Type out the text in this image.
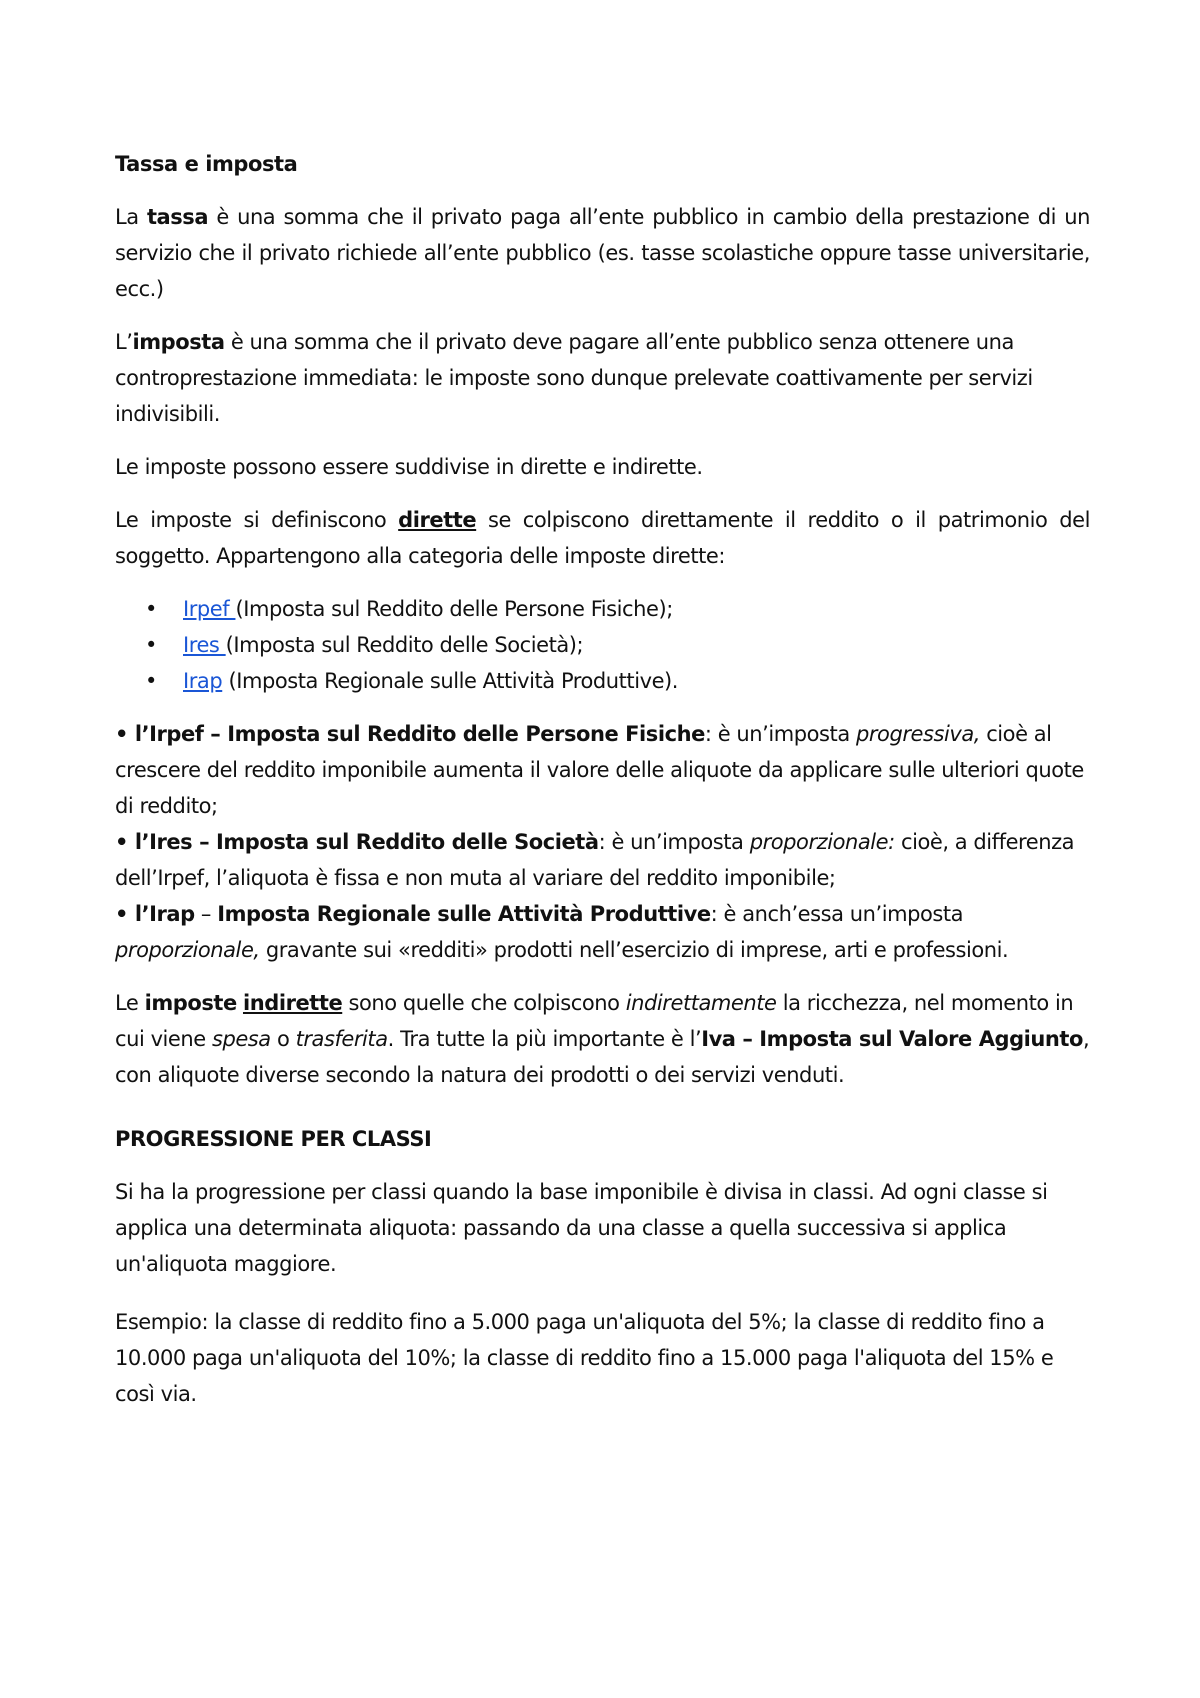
Tassa e imposta

La tassa è una somma che il privato paga all’ente pubblico in cambio della prestazione di un servizio che il privato richiede all’ente pubblico (es. tasse scolastiche oppure tasse universitarie, ecc.)

L’imposta è una somma che il privato deve pagare all’ente pubblico senza ottenere una controprestazione immediata: le imposte sono dunque prelevate coattivamente per servizi indivisibili.

Le imposte possono essere suddivise in dirette e indirette.

Le imposte si definiscono dirette se colpiscono direttamente il reddito o il patrimonio del soggetto. Appartengono alla categoria delle imposte dirette:

• Irpef (Imposta sul Reddito delle Persone Fisiche);
• Ires (Imposta sul Reddito delle Società);
• Irap (Imposta Regionale sulle Attività Produttive).

• l’Irpef – Imposta sul Reddito delle Persone Fisiche: è un’imposta progressiva, cioè al crescere del reddito imponibile aumenta il valore delle aliquote da applicare sulle ulteriori quote di reddito;

• l’Ires – Imposta sul Reddito delle Società: è un’imposta proporzionale: cioè, a differenza dell’Irpef, l’aliquota è fissa e non muta al variare del reddito imponibile;

• l’Irap – Imposta Regionale sulle Attività Produttive: è anch’essa un’imposta proporzionale, gravante sui «redditi» prodotti nell’esercizio di imprese, arti e professioni.

Le imposte indirette sono quelle che colpiscono indirettamente la ricchezza, nel momento in cui viene spesa o trasferita. Tra tutte la più importante è l’Iva – Imposta sul Valore Aggiunto, con aliquote diverse secondo la natura dei prodotti o dei servizi venduti.

PROGRESSIONE PER CLASSI

Si ha la progressione per classi quando la base imponibile è divisa in classi. Ad ogni classe si applica una determinata aliquota: passando da una classe a quella successiva si applica un'aliquota maggiore.

Esempio: la classe di reddito fino a 5.000 paga un'aliquota del 5%; la classe di reddito fino a 10.000 paga un'aliquota del 10%; la classe di reddito fino a 15.000 paga l'aliquota del 15% e così via.
